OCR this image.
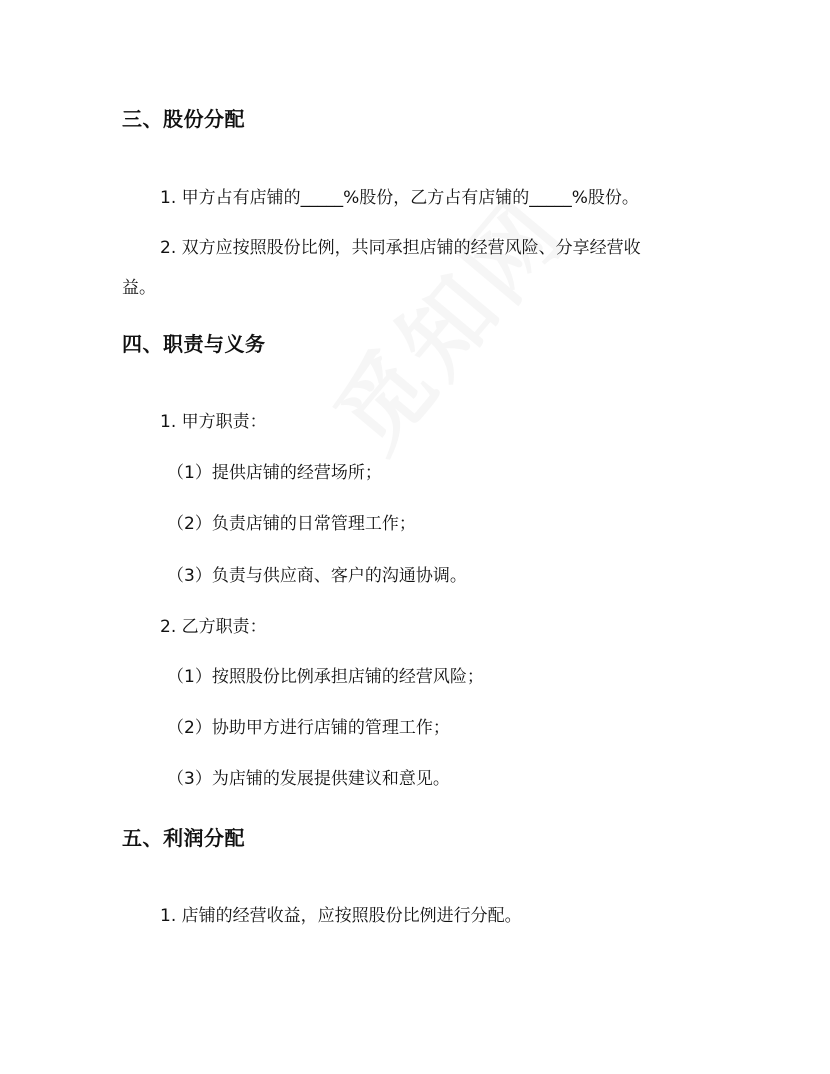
三、股份分配
1. 甲方占有店铺的_____%股份，乙方占有店铺的_____%股份。
2. 双方应按照股份比例，共同承担店铺的经营风险、分享经营收
益。
四、职责与义务
1. 甲方职责：
（1）提供店铺的经营场所；
（2）负责店铺的日常管理工作；
（3）负责与供应商、客户的沟通协调。
2. 乙方职责：
（1）按照股份比例承担店铺的经营风险；
（2）协助甲方进行店铺的管理工作；
（3）为店铺的发展提供建议和意见。
五、利润分配
1. 店铺的经营收益，应按照股份比例进行分配。
